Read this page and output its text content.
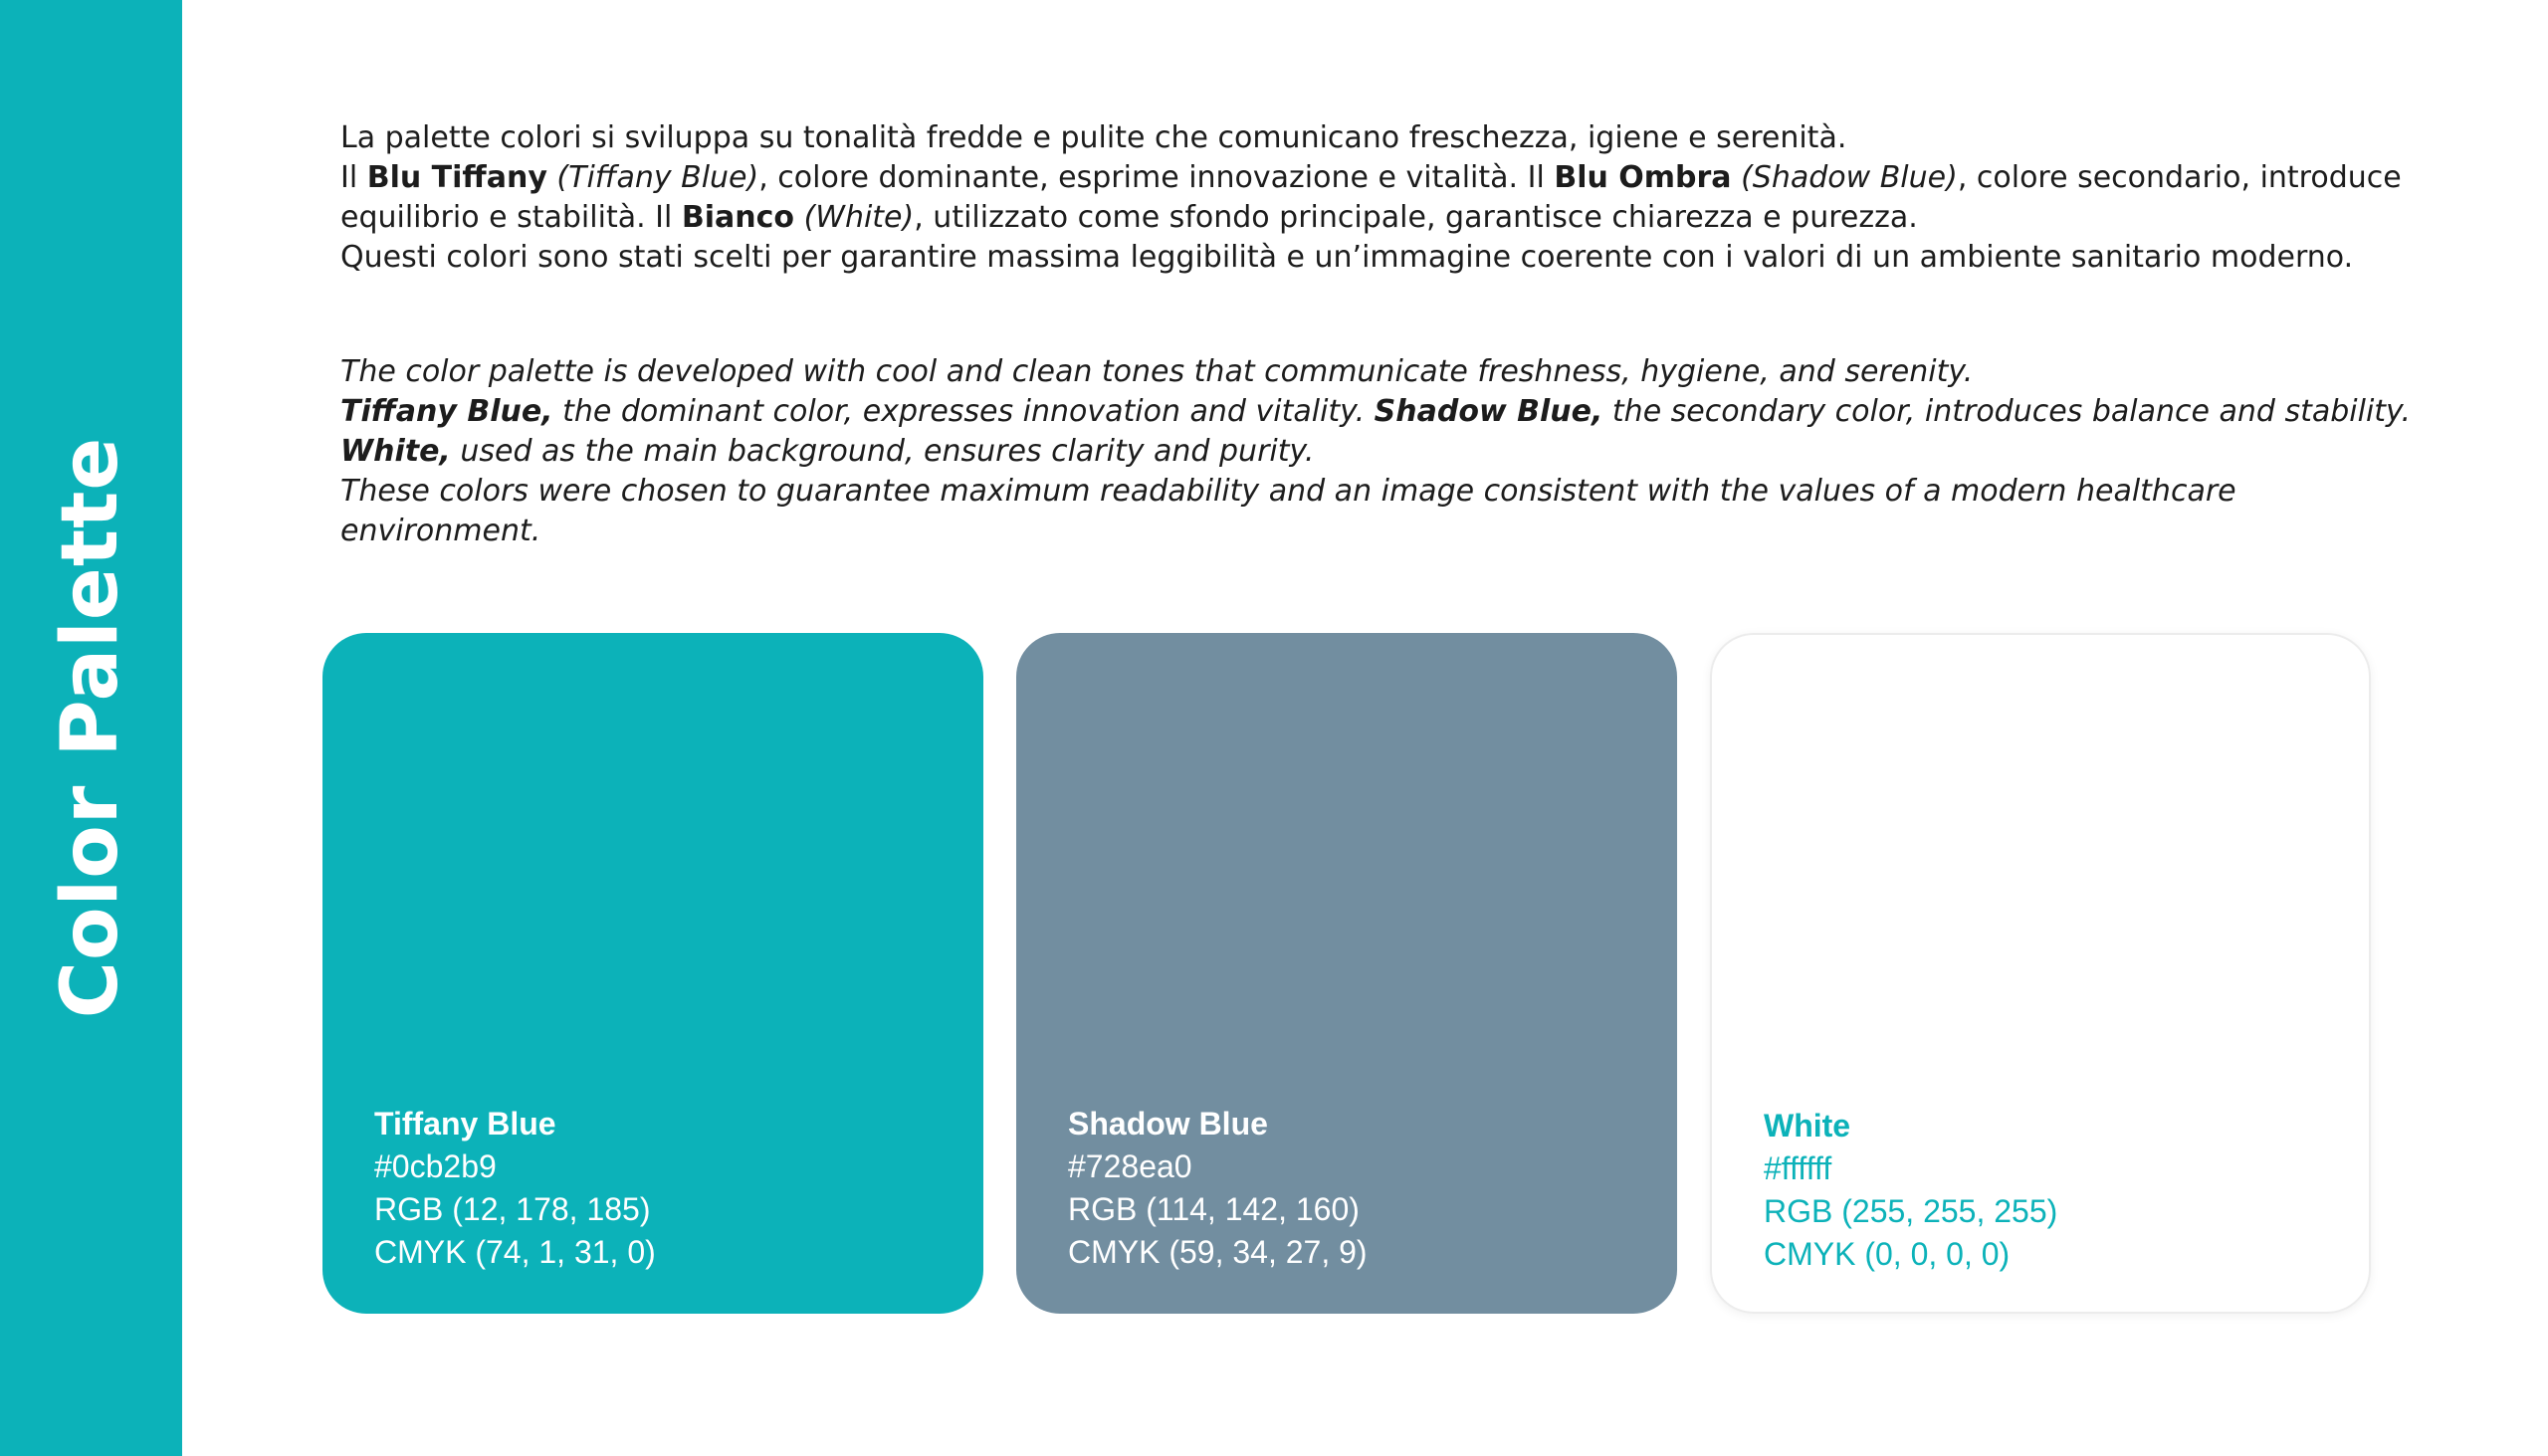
Color Palette

La palette colori si sviluppa su tonalità fredde e pulite che comunicano freschezza, igiene e serenità.

Il Blu Tiffany (Tiffany Blue), colore dominante, esprime innovazione e vitalità. Il Blu Ombra (Shadow Blue), colore secondario, introduce equilibrio e stabilità. Il Bianco (White), utilizzato come sfondo principale, garantisce chiarezza e purezza.

Questi colori sono stati scelti per garantire massima leggibilità e un’immagine coerente con i valori di un ambiente sanitario moderno.

The color palette is developed with cool and clean tones that communicate freshness, hygiene, and serenity.

Tiffany Blue, the dominant color, expresses innovation and vitality. Shadow Blue, the secondary color, introduces balance and stability. White, used as the main background, ensures clarity and purity.

These colors were chosen to guarantee maximum readability and an image consistent with the values of a modern healthcare environment.

Tiffany Blue
#0cb2b9
RGB (12, 178, 185)
CMYK (74, 1, 31, 0)
Shadow Blue
#728ea0
RGB (114, 142, 160)
CMYK (59, 34, 27, 9)
White
#ffffff
RGB (255, 255, 255)
CMYK (0, 0, 0, 0)
